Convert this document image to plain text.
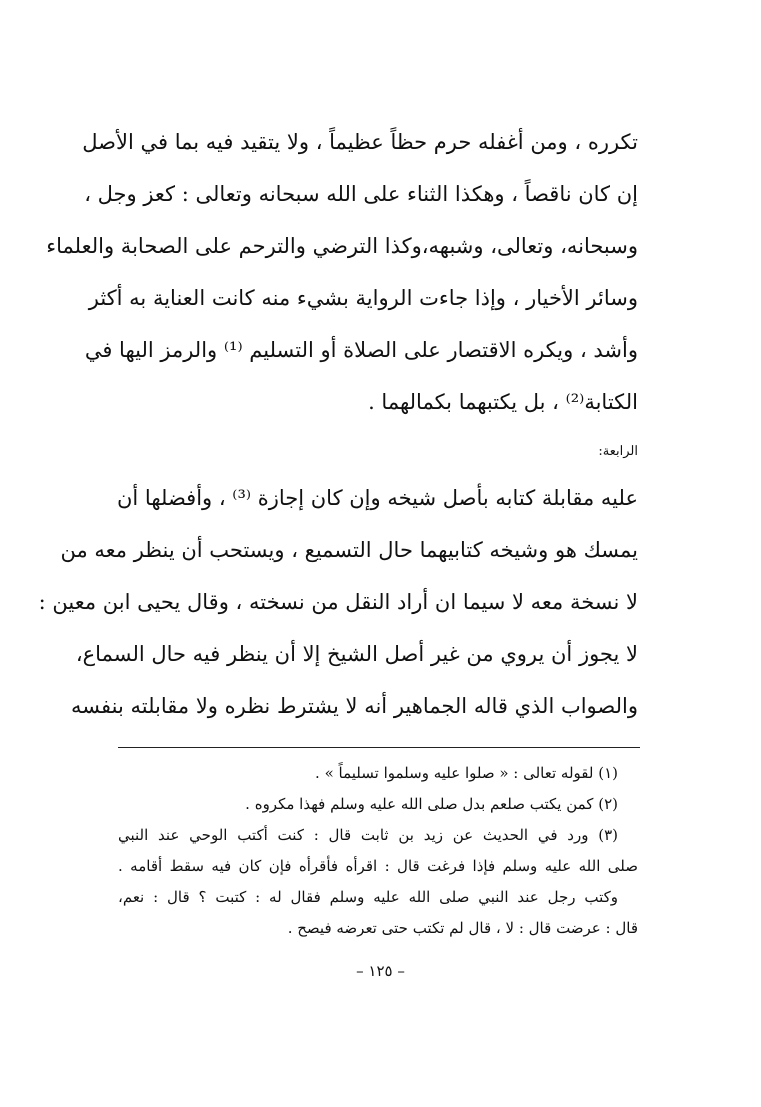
تكرره ، ومن أغفله حرم حظاً عظيماً ، ولا يتقيد فيه بما في الأصل
إن كان ناقصاً ، وهكذا الثناء على الله سبحانه وتعالى : كعز وجل ،
وسبحانه، وتعالى، وشبهه،وكذا الترضي والترحم على الصحابة والعلماء
وسائر الأخيار ، وإذا جاءت الرواية بشيء منه كانت العناية به أكثر
وأشد ، ويكره الاقتصار على الصلاة أو التسليم ⁽¹⁾ والرمز اليها في
الكتابة⁽²⁾ ، بل يكتبهما بكمالهما .
الرابعة:
عليه مقابلة كتابه بأصل شيخه وإن كان إجازة ⁽³⁾ ، وأفضلها أن
يمسك هو وشيخه كتابيهما حال التسميع ، ويستحب أن ينظر معه من
لا نسخة معه لا سيما ان أراد النقل من نسخته ، وقال يحيى ابن معين :
لا يجوز أن يروي من غير أصل الشيخ إلا أن ينظر فيه حال السماع،
والصواب الذي قاله الجماهير أنه لا يشترط نظره ولا مقابلته بنفسه
(١) لقوله تعالى : « صلوا عليه وسلموا تسليماً » .
(٢) كمن يكتب صلعم بدل صلى الله عليه وسلم فهذا مكروه .
(٣) ورد في الحديث عن زيد بن ثابت قال : كنت أكتب الوحي عند النبي
صلى الله عليه وسلم فإذا فرغت قال : اقرأه فأقرأه فإن كان فيه سقط أقامه .
وكتب رجل عند النبي صلى الله عليه وسلم فقال له : كتبت ؟ قال : نعم،
قال : عرضت قال : لا ، قال لم تكتب حتى تعرضه فيصح .
– ١٢٥ –
